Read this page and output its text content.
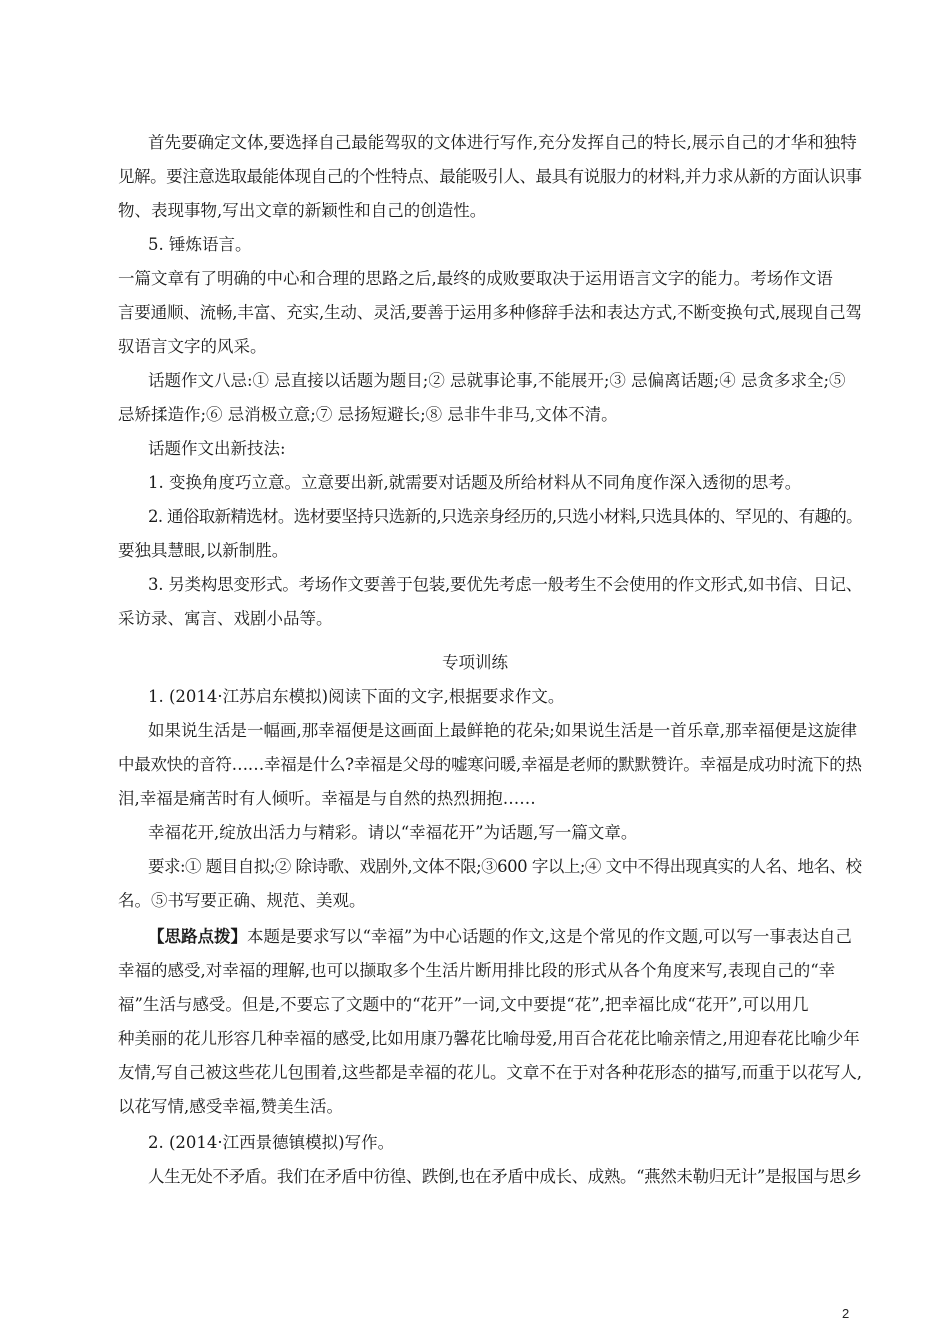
首先要确定文体,要选择自己最能驾驭的文体进行写作,充分发挥自己的特长,展示自己的才华和独特
见解。要注意选取最能体现自己的个性特点、最能吸引人、最具有说服力的材料,并力求从新的方面认识事
物、表现事物,写出文章的新颖性和自己的创造性。
5. 锤炼语言。
一篇文章有了明确的中心和合理的思路之后,最终的成败要取决于运用语言文字的能力。考场作文语
言要通顺、流畅,丰富、充实,生动、灵活,要善于运用多种修辞手法和表达方式,不断变换句式,展现自己驾
驭语言文字的风采。
话题作文八忌:① 忌直接以话题为题目;② 忌就事论事,不能展开;③ 忌偏离话题;④ 忌贪多求全;⑤
忌矫揉造作;⑥ 忌消极立意;⑦ 忌扬短避长;⑧ 忌非牛非马,文体不清。
话题作文出新技法:
1. 变换角度巧立意。立意要出新,就需要对话题及所给材料从不同角度作深入透彻的思考。
2. 通俗取新精选材。选材要坚持只选新的,只选亲身经历的,只选小材料,只选具体的、罕见的、有趣的。
要独具慧眼,以新制胜。
3. 另类构思变形式。考场作文要善于包装,要优先考虑一般考生不会使用的作文形式,如书信、日记、
采访录、寓言、戏剧小品等。
专项训练
1. (2014·江苏启东模拟)阅读下面的文字,根据要求作文。
如果说生活是一幅画,那幸福便是这画面上最鲜艳的花朵;如果说生活是一首乐章,那幸福便是这旋律
中最欢快的音符……幸福是什么?幸福是父母的嘘寒问暖,幸福是老师的默默赞许。幸福是成功时流下的热
泪,幸福是痛苦时有人倾听。幸福是与自然的热烈拥抱……
幸福花开,绽放出活力与精彩。请以“幸福花开”为话题,写一篇文章。
要求:① 题目自拟;② 除诗歌、戏剧外,文体不限;③600 字以上;④ 文中不得出现真实的人名、地名、校
名。⑤书写要正确、规范、美观。
【思路点拨】本题是要求写以“幸福”为中心话题的作文,这是个常见的作文题,可以写一事表达自己
幸福的感受,对幸福的理解,也可以撷取多个生活片断用排比段的形式从各个角度来写,表现自己的“幸
福”生活与感受。但是,不要忘了文题中的“花开”一词,文中要提“花”,把幸福比成“花开”,可以用几
种美丽的花儿形容几种幸福的感受,比如用康乃馨花比喻母爱,用百合花花比喻亲情之,用迎春花比喻少年
友情,写自己被这些花儿包围着,这些都是幸福的花儿。文章不在于对各种花形态的描写,而重于以花写人,
以花写情,感受幸福,赞美生活。
2. (2014·江西景德镇模拟)写作。
人生无处不矛盾。我们在矛盾中彷徨、跌倒,也在矛盾中成长、成熟。“燕然未勒归无计”是报国与思乡
2
